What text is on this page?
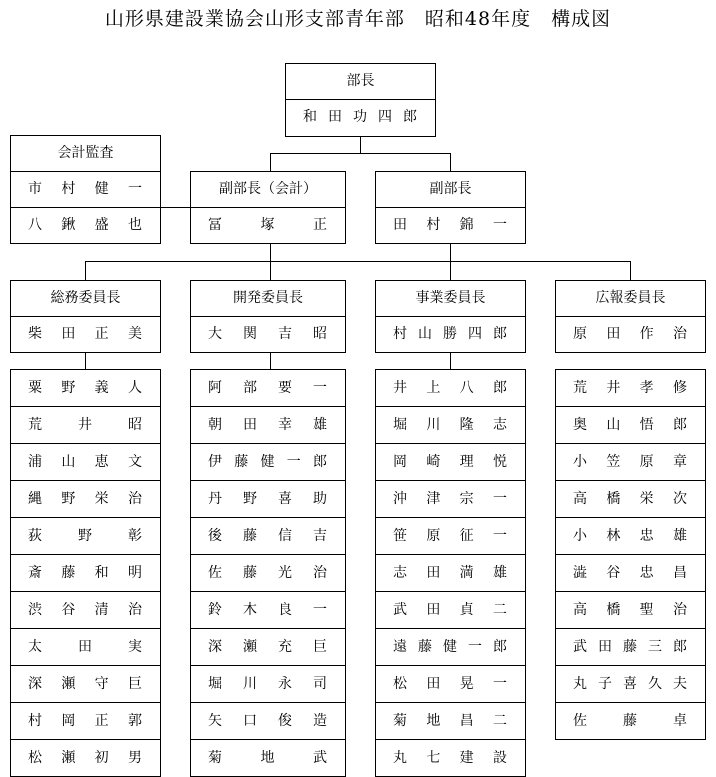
山形県建設業協会山形支部青年部　昭和48年度　構成図
部長
和 田 功 四 郎
会計監査
市 村 健 一
八 鍬 盛 也
副部長（会計）
冨	塚	正
副部長
田 村 錦 一
総務委員長
柴 田 正 美
開発委員長
大 関 吉 昭
事業委員長
村 山 勝 四 郎
広報委員長
原 田 作 治
粟 野 義 人
荒	井	昭
浦 山 恵 文
縄 野 栄 治
荻	野	彰
斎 藤 和 明
渋 谷 清 治
太	田	実
深 瀬 守 巨
村 岡 正 郭
松 瀬 初 男
阿 部 要 一
朝 田 幸 雄
伊 藤 健 一 郎
丹 野 喜 助
後 藤 信 吉
佐 藤 光 治
鈴 木 良 一
深 瀬 充 巨
堀 川 永 司
矢 口 俊 造
菊	地	武
井 上 八 郎
堀 川 隆 志
岡 崎 理 悦
沖 津 宗 一
笹 原 征 一
志 田 満 雄
武 田 貞 二
遠 藤 健 一 郎
松 田 晃 一
菊 地 昌 二
丸 七 建 設
荒 井 孝 修
奥 山 悟 郎
小 笠 原 章
高 橋 栄 次
小 林 忠 雄
澁 谷 忠 昌
高 橋 聖 治
武 田 藤 三 郎
丸 子 喜 久 夫
佐	藤	卓
